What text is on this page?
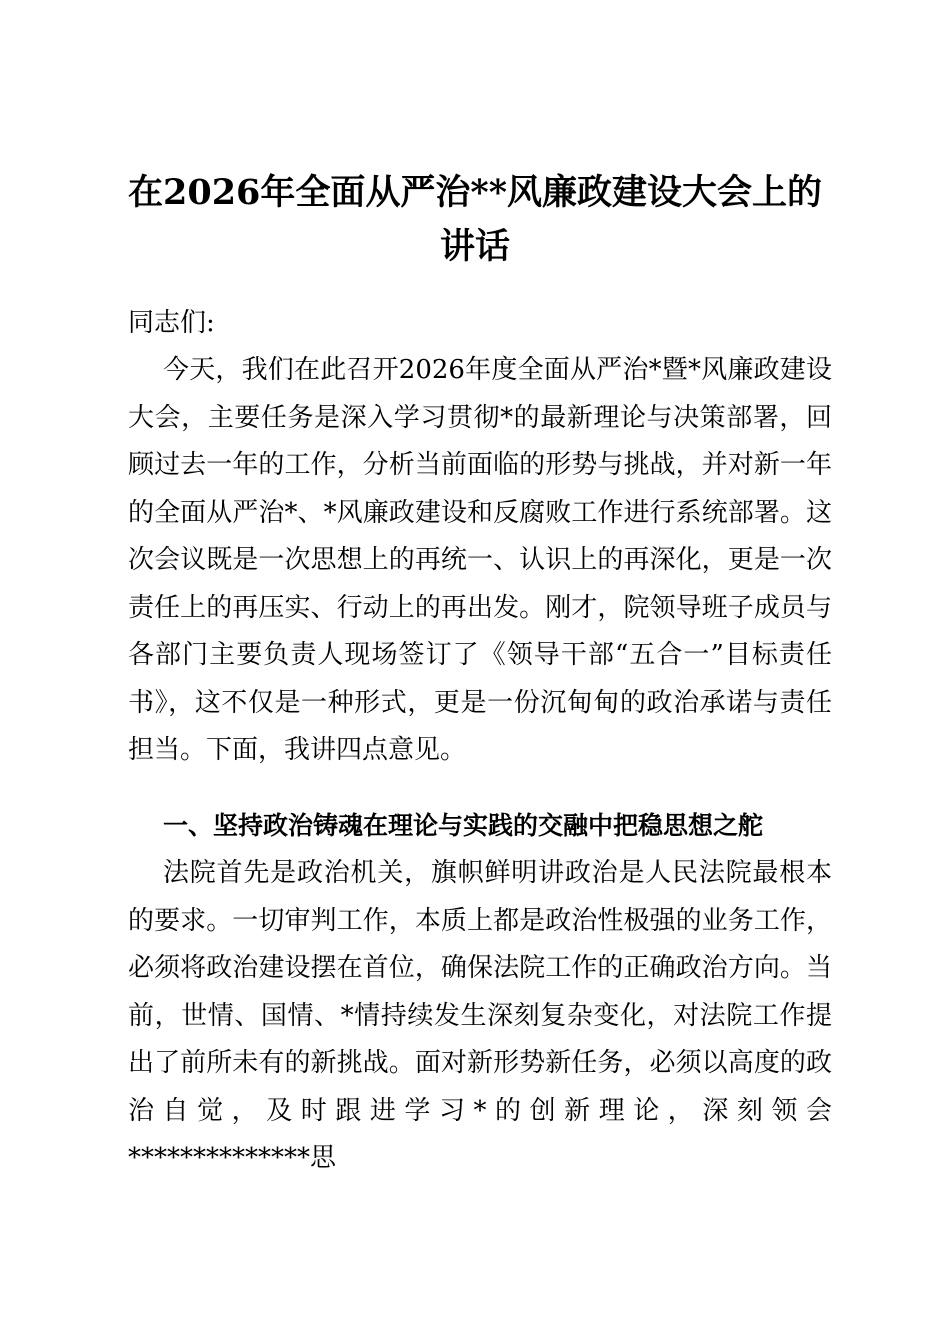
在2026年全面从严治**风廉政建设大会上的讲话
同志们:

今天，我们在此召开2026年度全面从严治*暨*风廉政建设大会，主要任务是深入学习贯彻*的最新理论与决策部署，回顾过去一年的工作，分析当前面临的形势与挑战，并对新一年的全面从严治*、*风廉政建设和反腐败工作进行系统部署。这次会议既是一次思想上的再统一、认识上的再深化，更是一次责任上的再压实、行动上的再出发。刚才，院领导班子成员与各部门主要负责人现场签订了《领导干部“五合一”目标责任书》，这不仅是一种形式，更是一份沉甸甸的政治承诺与责任担当。下面，我讲四点意见。

一、坚持政治铸魂在理论与实践的交融中把稳思想之舵

法院首先是政治机关，旗帜鲜明讲政治是人民法院最根本的要求。一切审判工作，本质上都是政治性极强的业务工作，必须将政治建设摆在首位，确保法院工作的正确政治方向。当前，世情、国情、*情持续发生深刻复杂变化，对法院工作提出了前所未有的新挑战。面对新形势新任务，必须以高度的政治自觉，及时跟进学习*的创新理论，深刻领会**************思
